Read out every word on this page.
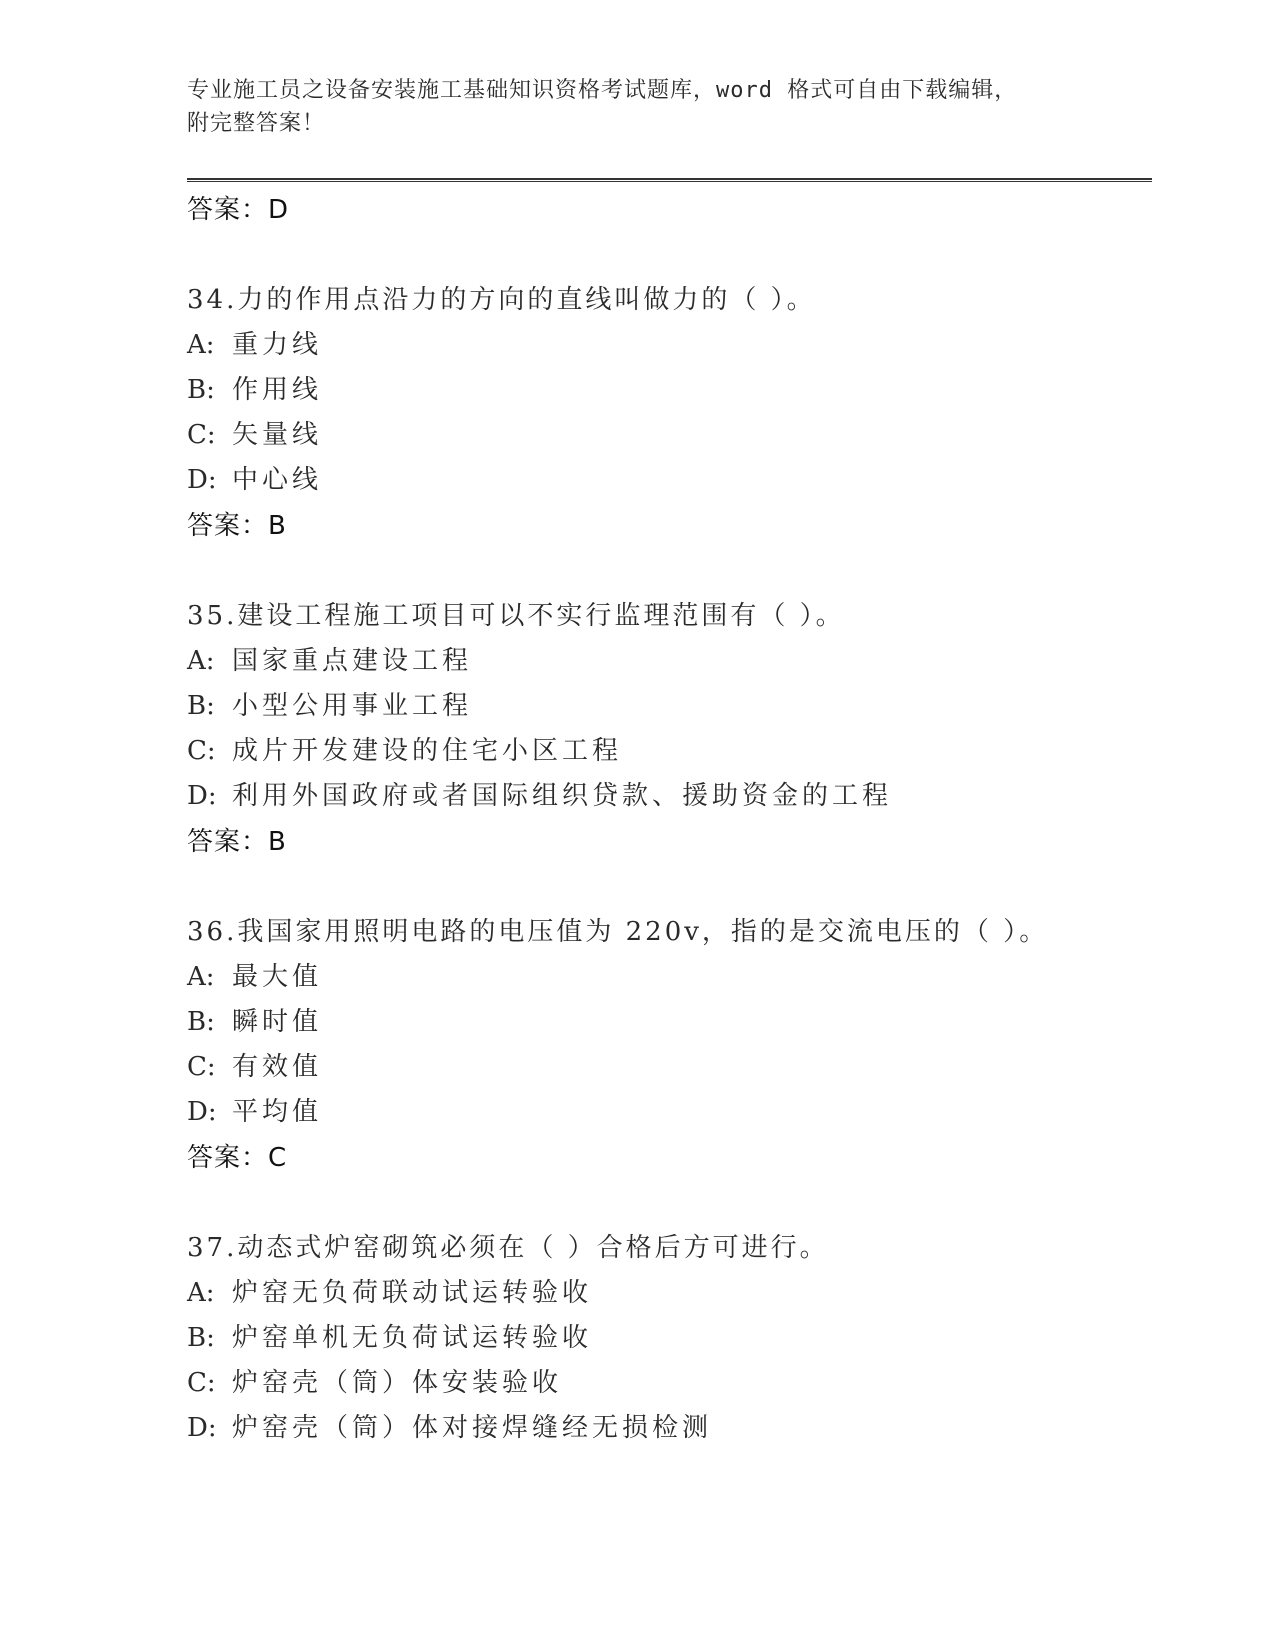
专业施工员之设备安装施工基础知识资格考试题库，word 格式可自由下载编辑，
附完整答案！
答案：D
34.力的作用点沿力的方向的直线叫做力的（ ）。
A: 重力线
B: 作用线
C: 矢量线
D: 中心线
答案：B
35.建设工程施工项目可以不实行监理范围有（ ）。
A: 国家重点建设工程
B: 小型公用事业工程
C: 成片开发建设的住宅小区工程
D: 利用外国政府或者国际组织贷款、援助资金的工程
答案：B
36.我国家用照明电路的电压值为 220v，指的是交流电压的（ ）。
A: 最大值
B: 瞬时值
C: 有效值
D: 平均值
答案：C
37.动态式炉窑砌筑必须在（ ）合格后方可进行。
A: 炉窑无负荷联动试运转验收
B: 炉窑单机无负荷试运转验收
C: 炉窑壳（筒）体安装验收
D: 炉窑壳（筒）体对接焊缝经无损检测
